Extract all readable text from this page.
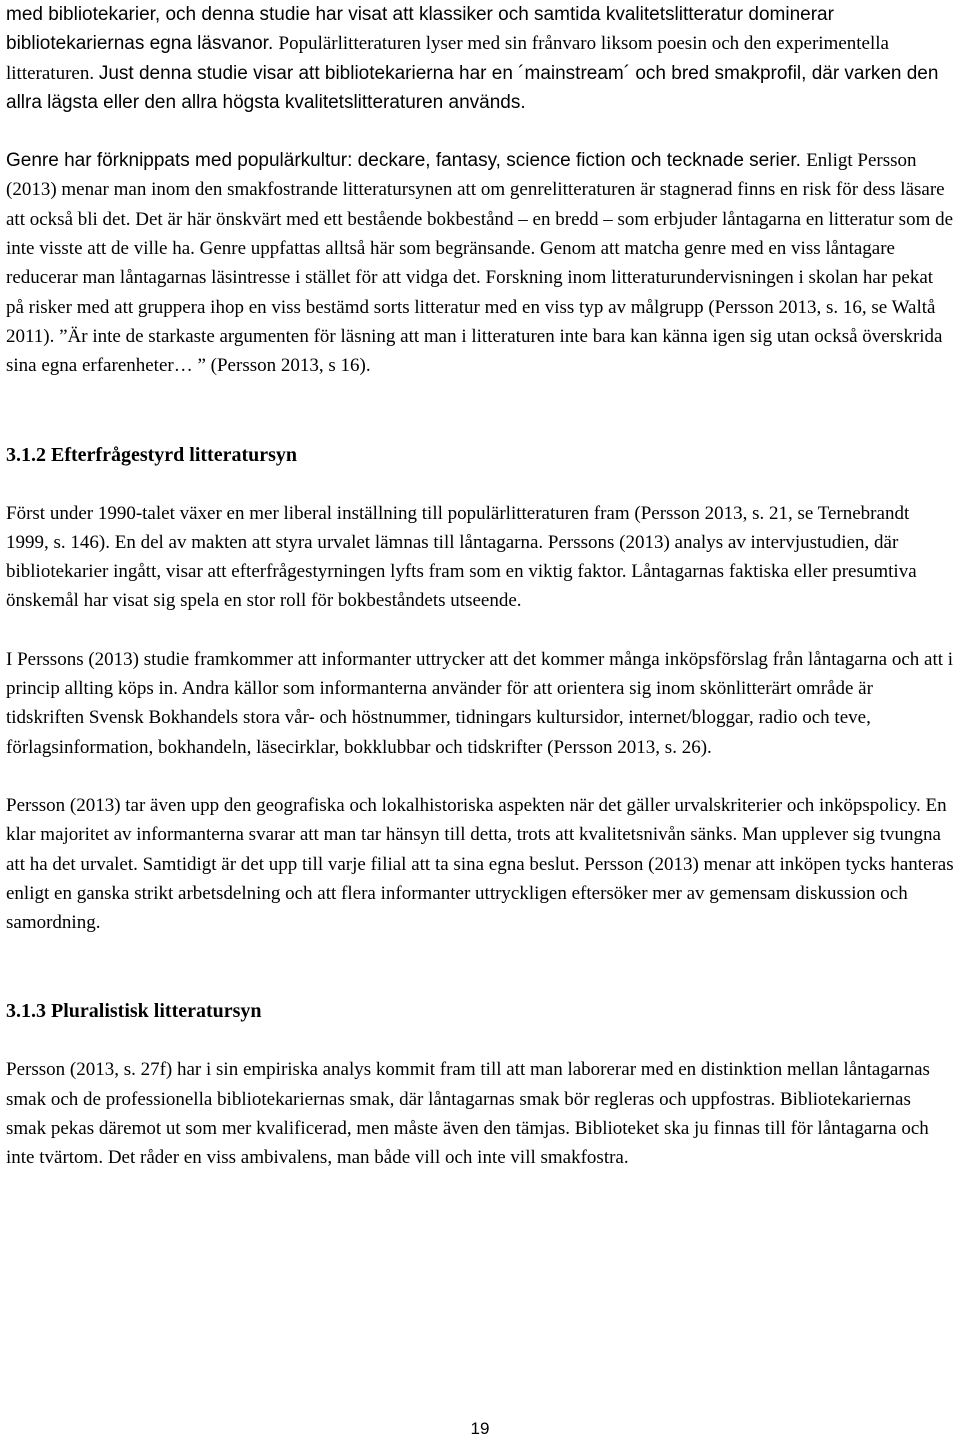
med bibliotekarier, och denna studie har visat att klassiker och samtida kvalitetslitteratur dominerar bibliotekariernas egna läsvanor. Populärlitteraturen lyser med sin frånvaro liksom poesin och den experimentella litteraturen. Just denna studie visar att bibliotekarierna har en ´mainstream´ och bred smakprofil, där varken den allra lägsta eller den allra högsta kvalitetslitteraturen används.

Genre har förknippats med populärkultur: deckare, fantasy, science fiction och tecknade serier. Enligt Persson (2013) menar man inom den smakfostrande litteratursynen att om genrelitteraturen är stagnerad finns en risk för dess läsare att också bli det. Det är här önskvärt med ett bestående bokbestånd – en bredd – som erbjuder låntagarna en litteratur som de inte visste att de ville ha. Genre uppfattas alltså här som begränsande. Genom att matcha genre med en viss låntagare reducerar man låntagarnas läsintresse i stället för att vidga det. Forskning inom litteraturundervisningen i skolan har pekat på risker med att gruppera ihop en viss bestämd sorts litteratur med en viss typ av målgrupp (Persson 2013, s. 16, se Waltå 2011). ”Är inte de starkaste argumenten för läsning att man i litteraturen inte bara kan känna igen sig utan också överskrida sina egna erfarenheter… ” (Persson 2013, s 16).

3.1.2 Efterfrågestyrd litteratursyn

Först under 1990-talet växer en mer liberal inställning till populärlitteraturen fram (Persson 2013, s. 21, se Ternebrandt 1999, s. 146). En del av makten att styra urvalet lämnas till låntagarna. Perssons (2013) analys av intervjustudien, där bibliotekarier ingått, visar att efterfrågestyrningen lyfts fram som en viktig faktor. Låntagarnas faktiska eller presumtiva önskemål har visat sig spela en stor roll för bokbeståndets utseende.

I Perssons (2013) studie framkommer att informanter uttrycker att det kommer många inköpsförslag från låntagarna och att i princip allting köps in. Andra källor som informanterna använder för att orientera sig inom skönlitterärt område är tidskriften Svensk Bokhandels stora vår- och höstnummer, tidningars kultursidor, internet/bloggar, radio och teve, förlagsinformation, bokhandeln, läsecirklar, bokklubbar och tidskrifter (Persson 2013, s. 26).

Persson (2013) tar även upp den geografiska och lokalhistoriska aspekten när det gäller urvalskriterier och inköpspolicy. En klar majoritet av informanterna svarar att man tar hänsyn till detta, trots att kvalitetsnivån sänks. Man upplever sig tvungna att ha det urvalet. Samtidigt är det upp till varje filial att ta sina egna beslut. Persson (2013) menar att inköpen tycks hanteras enligt en ganska strikt arbetsdelning och att flera informanter uttryckligen eftersöker mer av gemensam diskussion och samordning.

3.1.3 Pluralistisk litteratursyn

Persson (2013, s. 27f) har i sin empiriska analys kommit fram till att man laborerar med en distinktion mellan låntagarnas smak och de professionella bibliotekariernas smak, där låntagarnas smak bör regleras och uppfostras. Bibliotekariernas smak pekas däremot ut som mer kvalificerad, men måste även den tämjas. Biblioteket ska ju finnas till för låntagarna och inte tvärtom. Det råder en viss ambivalens, man både vill och inte vill smakfostra.

19
